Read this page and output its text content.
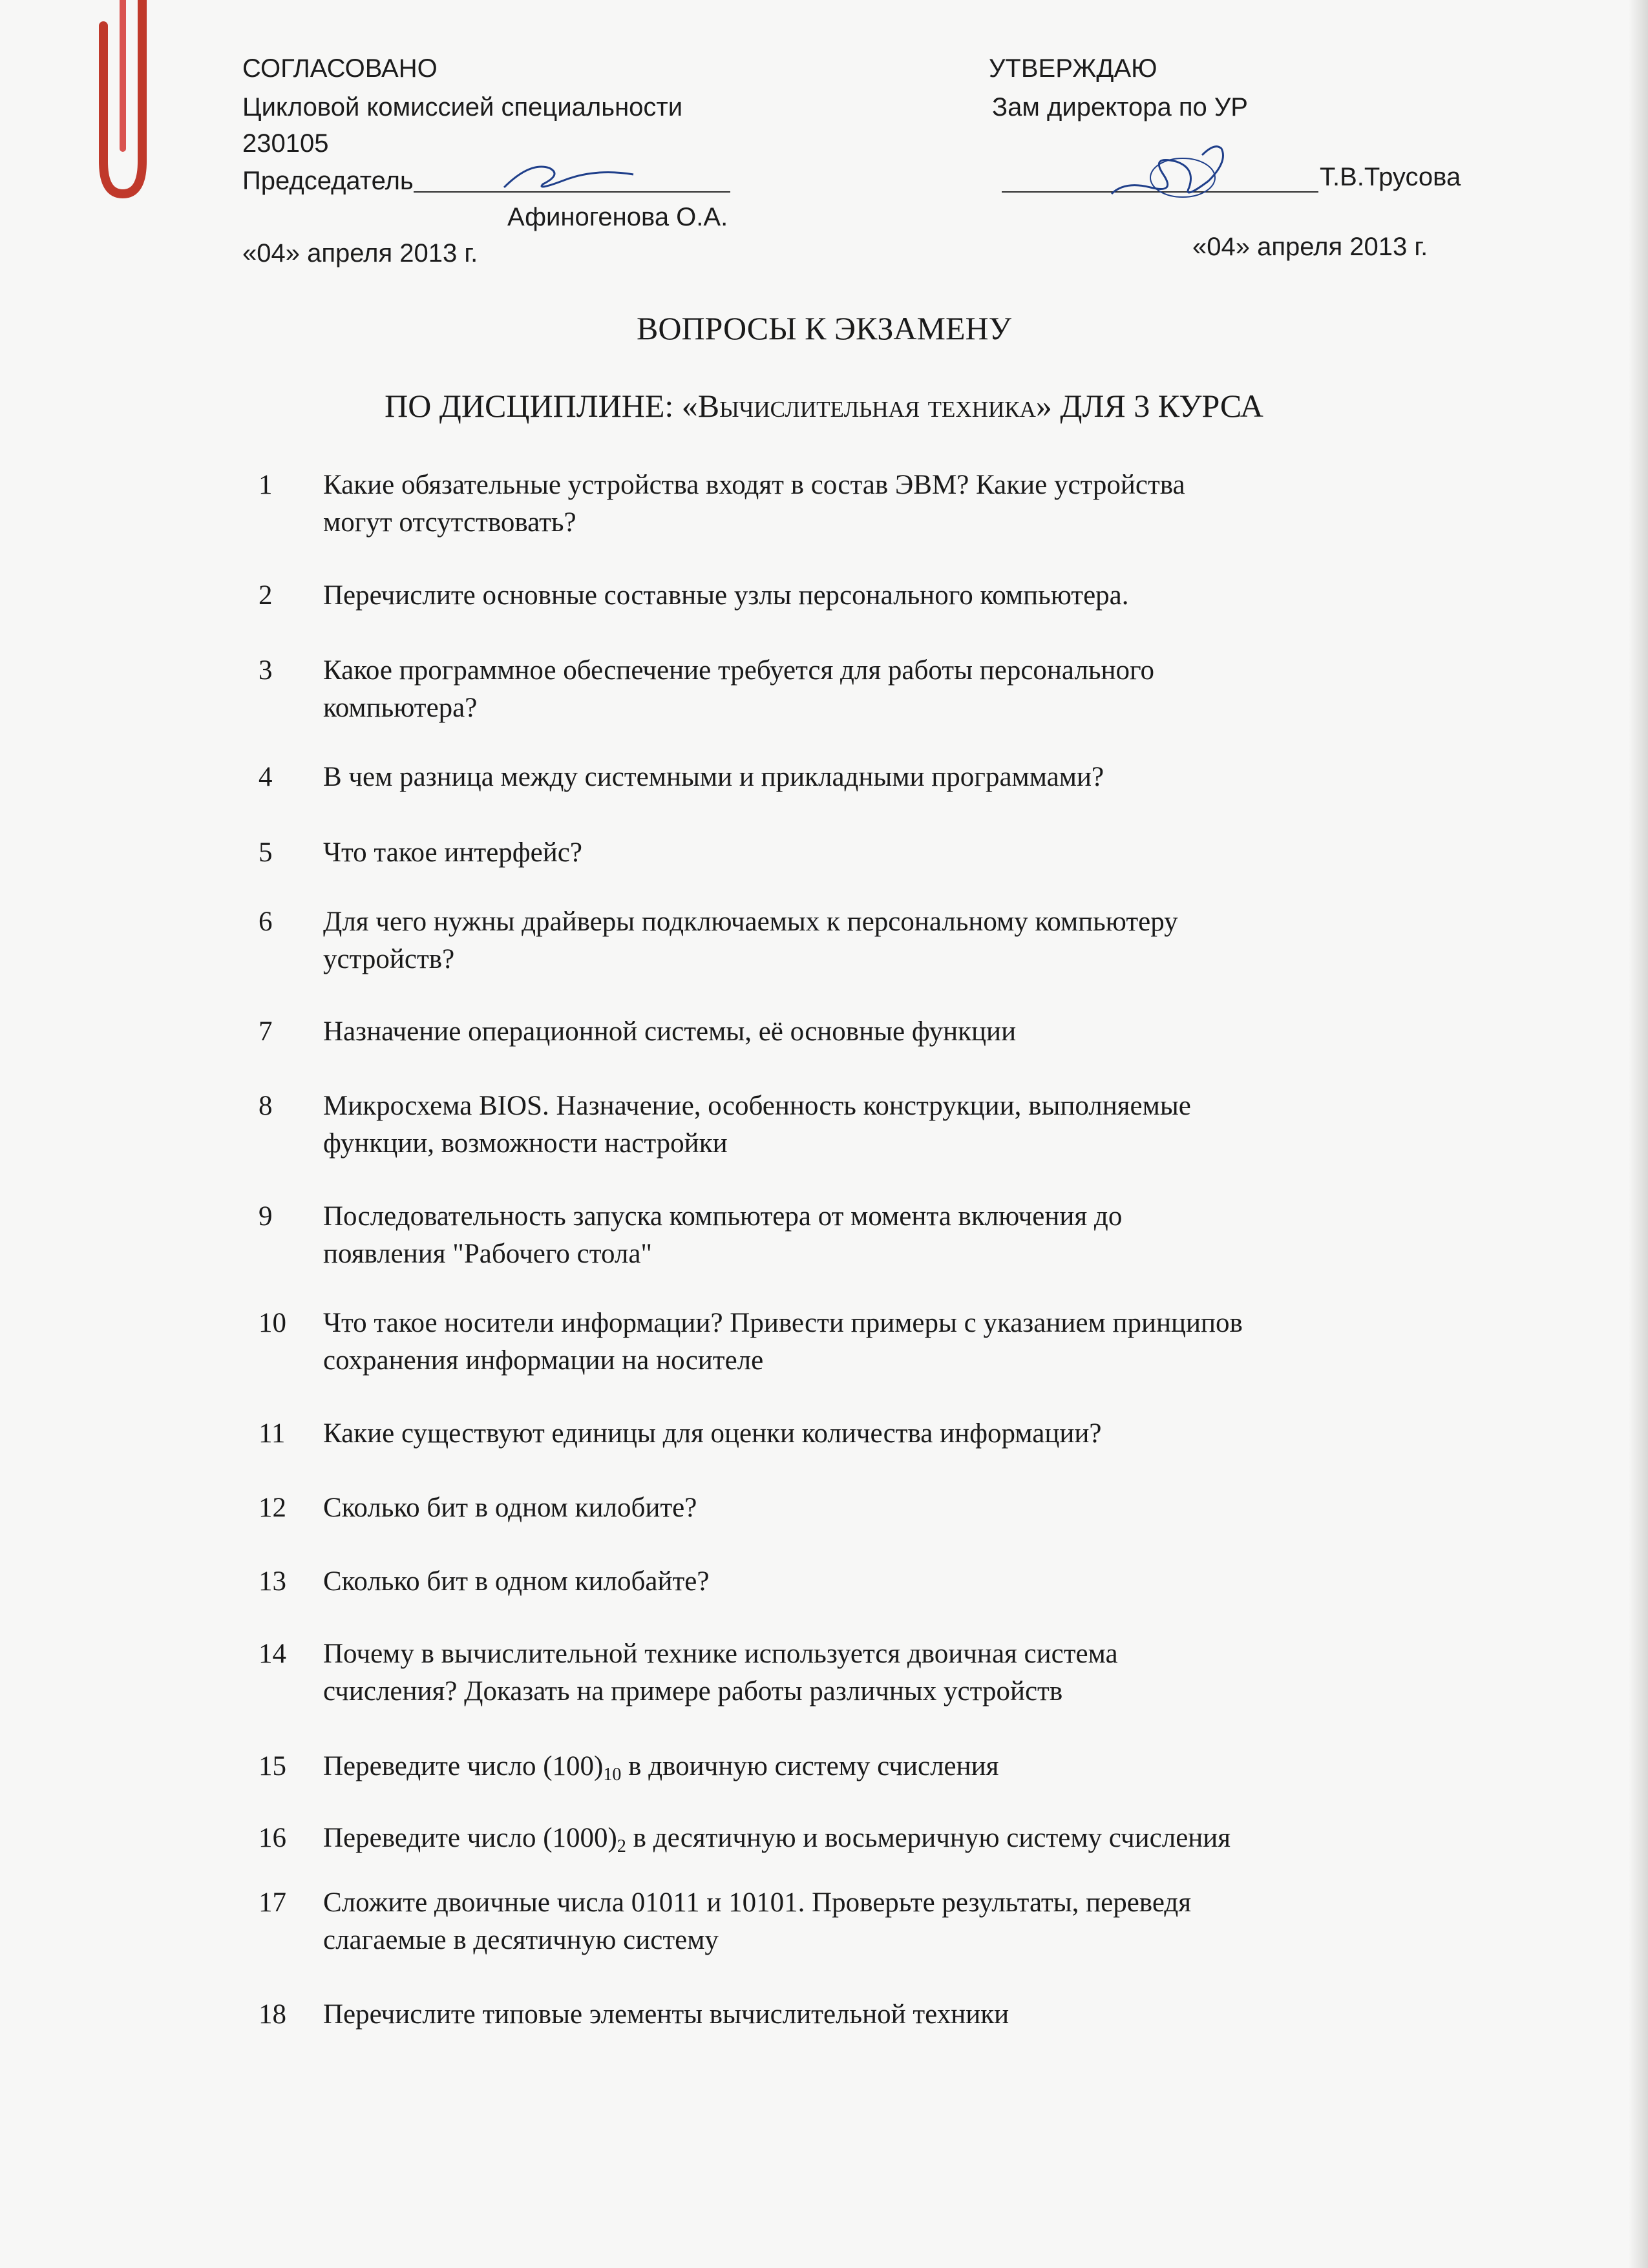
СОГЛАСОВАНО
Цикловой комиссией специальности
230105
Председатель
Афиногенова О.А.
«04» апреля 2013 г.
УТВЕРЖДАЮ
Зам директора по УР
Т.В.Трусова
«04» апреля 2013 г.
ВОПРОСЫ К ЭКЗАМЕНУ
ПО ДИСЦИПЛИНЕ: «Вычислительная техника» ДЛЯ 3 КУРСА
1	Какие обязательные устройства входят в состав ЭВМ? Какие устройства
могут отсутствовать?
2	Перечислите основные составные узлы персонального компьютера.
3	Какое программное обеспечение требуется для работы персонального
компьютера?
4	В чем разница между системными и прикладными программами?
5	Что такое интерфейс?
6	Для чего нужны драйверы подключаемых к персональному компьютеру
устройств?
7	Назначение операционной системы, её основные функции
8	Микросхема BIOS. Назначение, особенность конструкции, выполняемые
функции, возможности настройки
9	Последовательность запуска компьютера от момента включения до
появления "Рабочего стола"
10	Что такое носители информации? Привести примеры с указанием принципов
сохранения информации на носителе
11	Какие существуют единицы для оценки количества информации?
12	Сколько бит в одном килобите?
13	Сколько бит в одном килобайте?
14	Почему в вычислительной технике используется двоичная система
счисления? Доказать на примере работы различных устройств
15	Переведите число $(100)_{10}$ в двоичную систему счисления
16	Переведите число $(1000)_2$ в десятичную и восьмеричную систему счисления
17	Сложите двоичные числа 01011 и 10101. Проверьте результаты, переведя
слагаемые в десятичную систему
18	Перечислите типовые элементы вычислительной техники
